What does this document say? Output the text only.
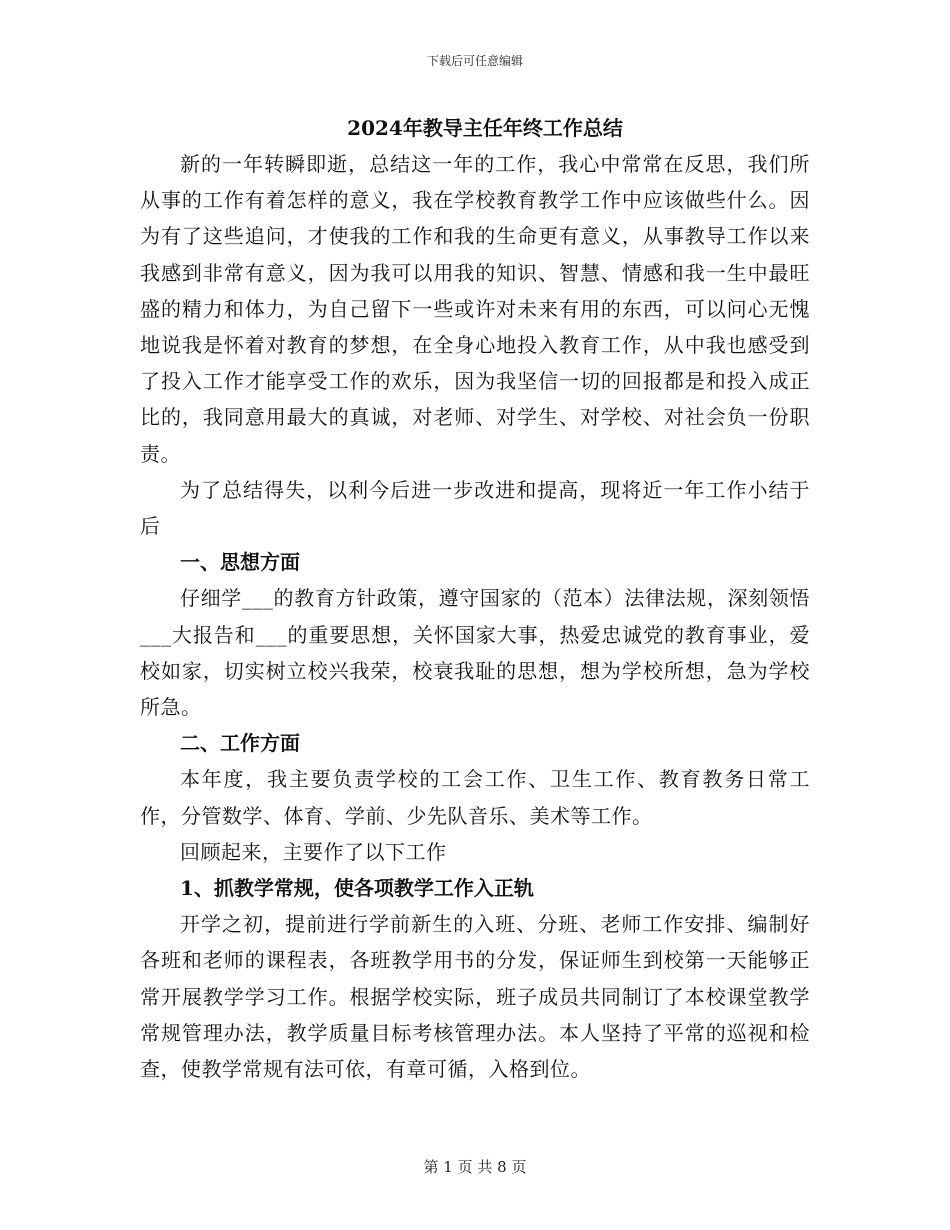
下载后可任意编辑
2024年教导主任年终工作总结

新的一年转瞬即逝，总结这一年的工作，我心中常常在反思，我们所从事的工作有着怎样的意义，我在学校教育教学工作中应该做些什么。因为有了这些追问，才使我的工作和我的生命更有意义，从事教导工作以来我感到非常有意义，因为我可以用我的知识、智慧、情感和我一生中最旺盛的精力和体力，为自己留下一些或许对未来有用的东西，可以问心无愧地说我是怀着对教育的梦想，在全身心地投入教育工作，从中我也感受到了投入工作才能享受工作的欢乐，因为我坚信一切的回报都是和投入成正比的，我同意用最大的真诚，对老师、对学生、对学校、对社会负一份职责。

为了总结得失，以利今后进一步改进和提高，现将近一年工作小结于后

一、思想方面

仔细学___的教育方针政策，遵守国家的（范本）法律法规，深刻领悟___大报告和___的重要思想，关怀国家大事，热爱忠诚党的教育事业，爱校如家，切实树立校兴我荣，校衰我耻的思想，想为学校所想，急为学校所急。

二、工作方面

本年度，我主要负责学校的工会工作、卫生工作、教育教务日常工作，分管数学、体育、学前、少先队音乐、美术等工作。

回顾起来，主要作了以下工作

1、抓教学常规，使各项教学工作入正轨

开学之初，提前进行学前新生的入班、分班、老师工作安排、编制好各班和老师的课程表，各班教学用书的分发，保证师生到校第一天能够正常开展教学学习工作。根据学校实际，班子成员共同制订了本校课堂教学常规管理办法，教学质量目标考核管理办法。本人坚持了平常的巡视和检查，使教学常规有法可依，有章可循，入格到位。

第 1 页 共 8 页
